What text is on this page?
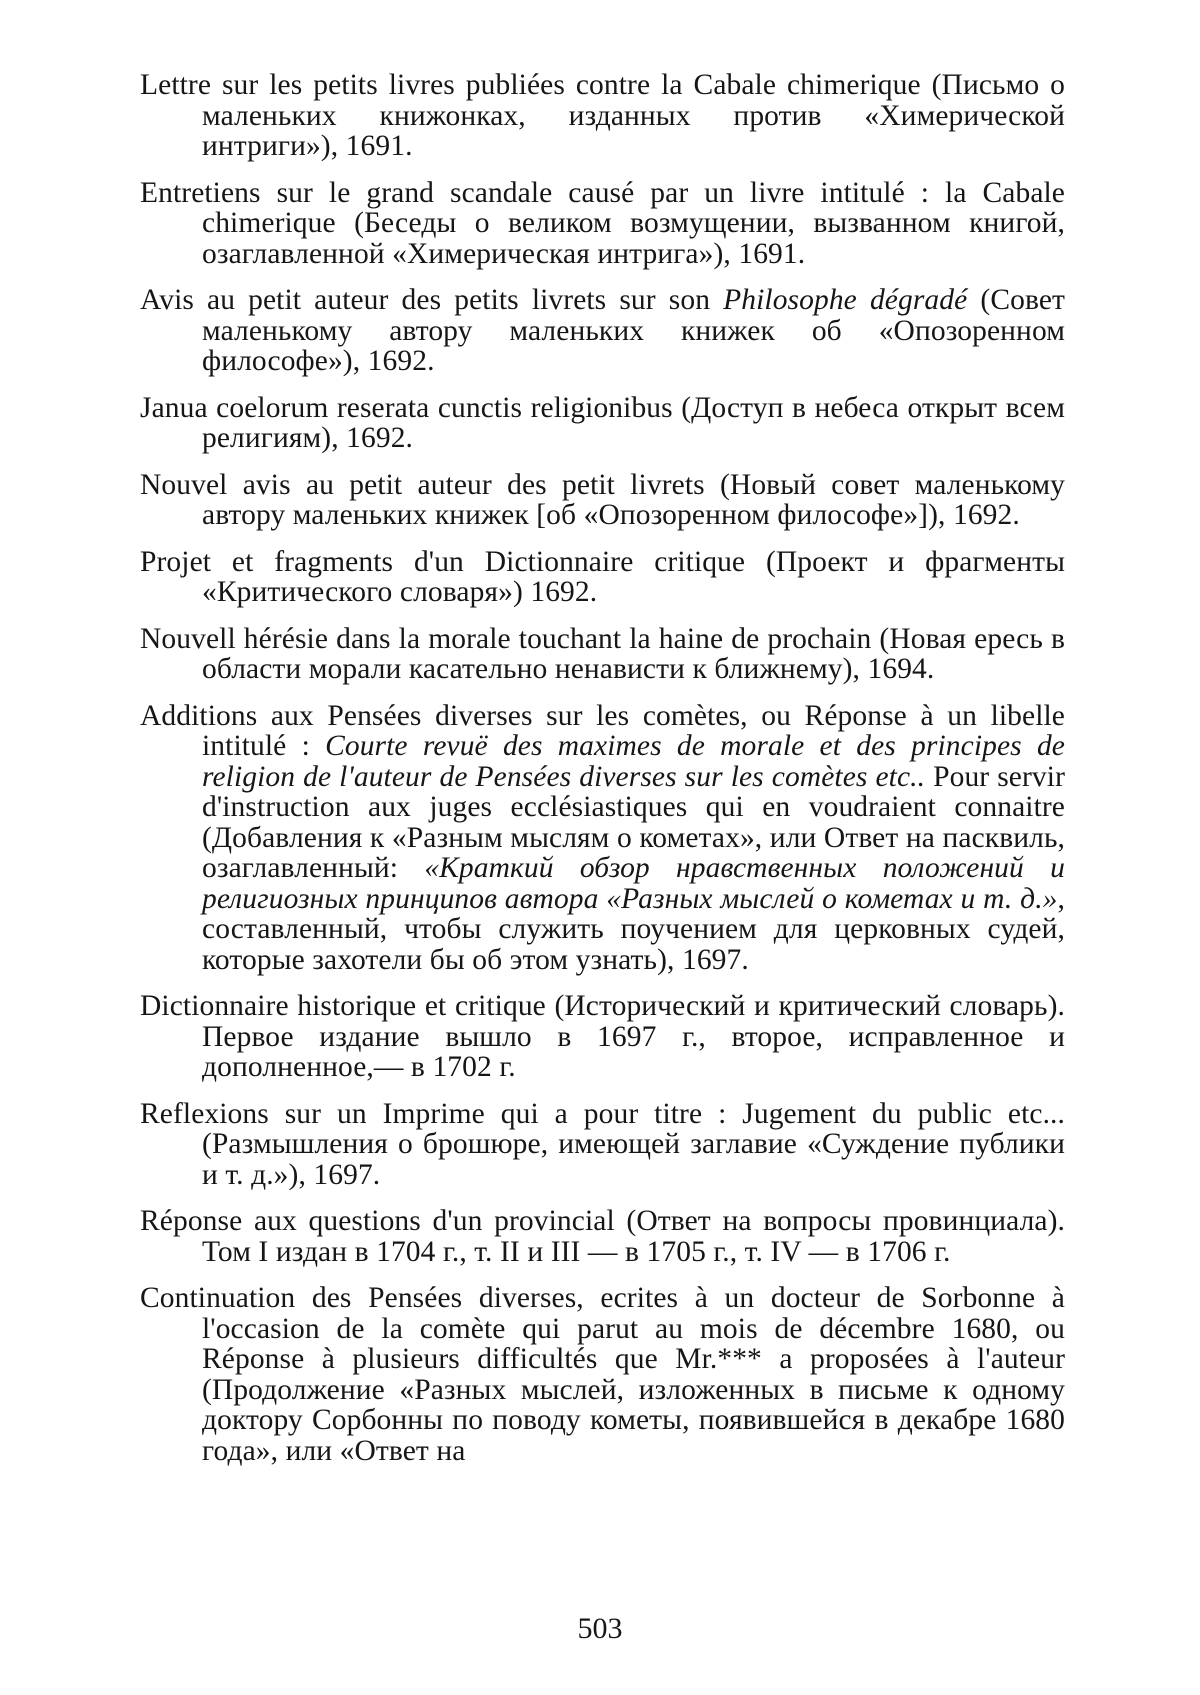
Lettre sur les petits livres publiées contre la Cabale chimerique (Письмо о маленьких книжонках, изданных против «Химерической интриги»), 1691.

Entretiens sur le grand scandale causé par un livre intitulé : la Cabale chimerique (Беседы о великом возмущении, вызванном книгой, озаглавленной «Химерическая интрига»), 1691.

Avis au petit auteur des petits livrets sur son Philosophe dégradé (Совет маленькому автору маленьких книжек об «Опозоренном философе»), 1692.

Janua coelorum reserata cunctis religionibus (Доступ в небеса открыт всем религиям), 1692.

Nouvel avis au petit auteur des petit livrets (Новый совет маленькому автору маленьких книжек [об «Опозоренном философе»]), 1692.

Projet et fragments d'un Dictionnaire critique (Проект и фрагменты «Критического словаря») 1692.

Nouvell hérésie dans la morale touchant la haine de prochain (Новая ересь в области морали касательно ненависти к ближнему), 1694.

Additions aux Pensées diverses sur les comètes, ou Réponse à un libelle intitulé : Courte revuë des maximes de morale et des principes de religion de l'auteur de Pensées diverses sur les comètes etc.. Pour servir d'instruction aux juges ecclésiastiques qui en voudraient connaitre (Добавления к «Разным мыслям о кометах», или Ответ на пасквиль, озаглавленный: «Краткий обзор нравственных положений и религиозных принципов автора «Разных мыслей о кометах и т. д.», составленный, чтобы служить поучением для церковных судей, которые захотели бы об этом узнать), 1697.

Dictionnaire historique et critique (Исторический и критический словарь). Первое издание вышло в 1697 г., второе, исправленное и дополненное,— в 1702 г.

Reflexions sur un Imprime qui a pour titre : Jugement du public etc... (Размышления о брошюре, имеющей заглавие «Суждение публики и т. д.»), 1697.

Réponse aux questions d'un provincial (Ответ на вопросы провинциала). Том I издан в 1704 г., т. II и III — в 1705 г., т. IV — в 1706 г.

Continuation des Pensées diverses, ecrites à un docteur de Sorbonne à l'occasion de la comète qui parut au mois de décembre 1680, ou Réponse à plusieurs difficultés que Mr.*** a proposées à l'auteur (Продолжение «Разных мыслей, изложенных в письме к одному доктору Сорбонны по поводу кометы, появившейся в декабре 1680 года», или «Ответ на

503
